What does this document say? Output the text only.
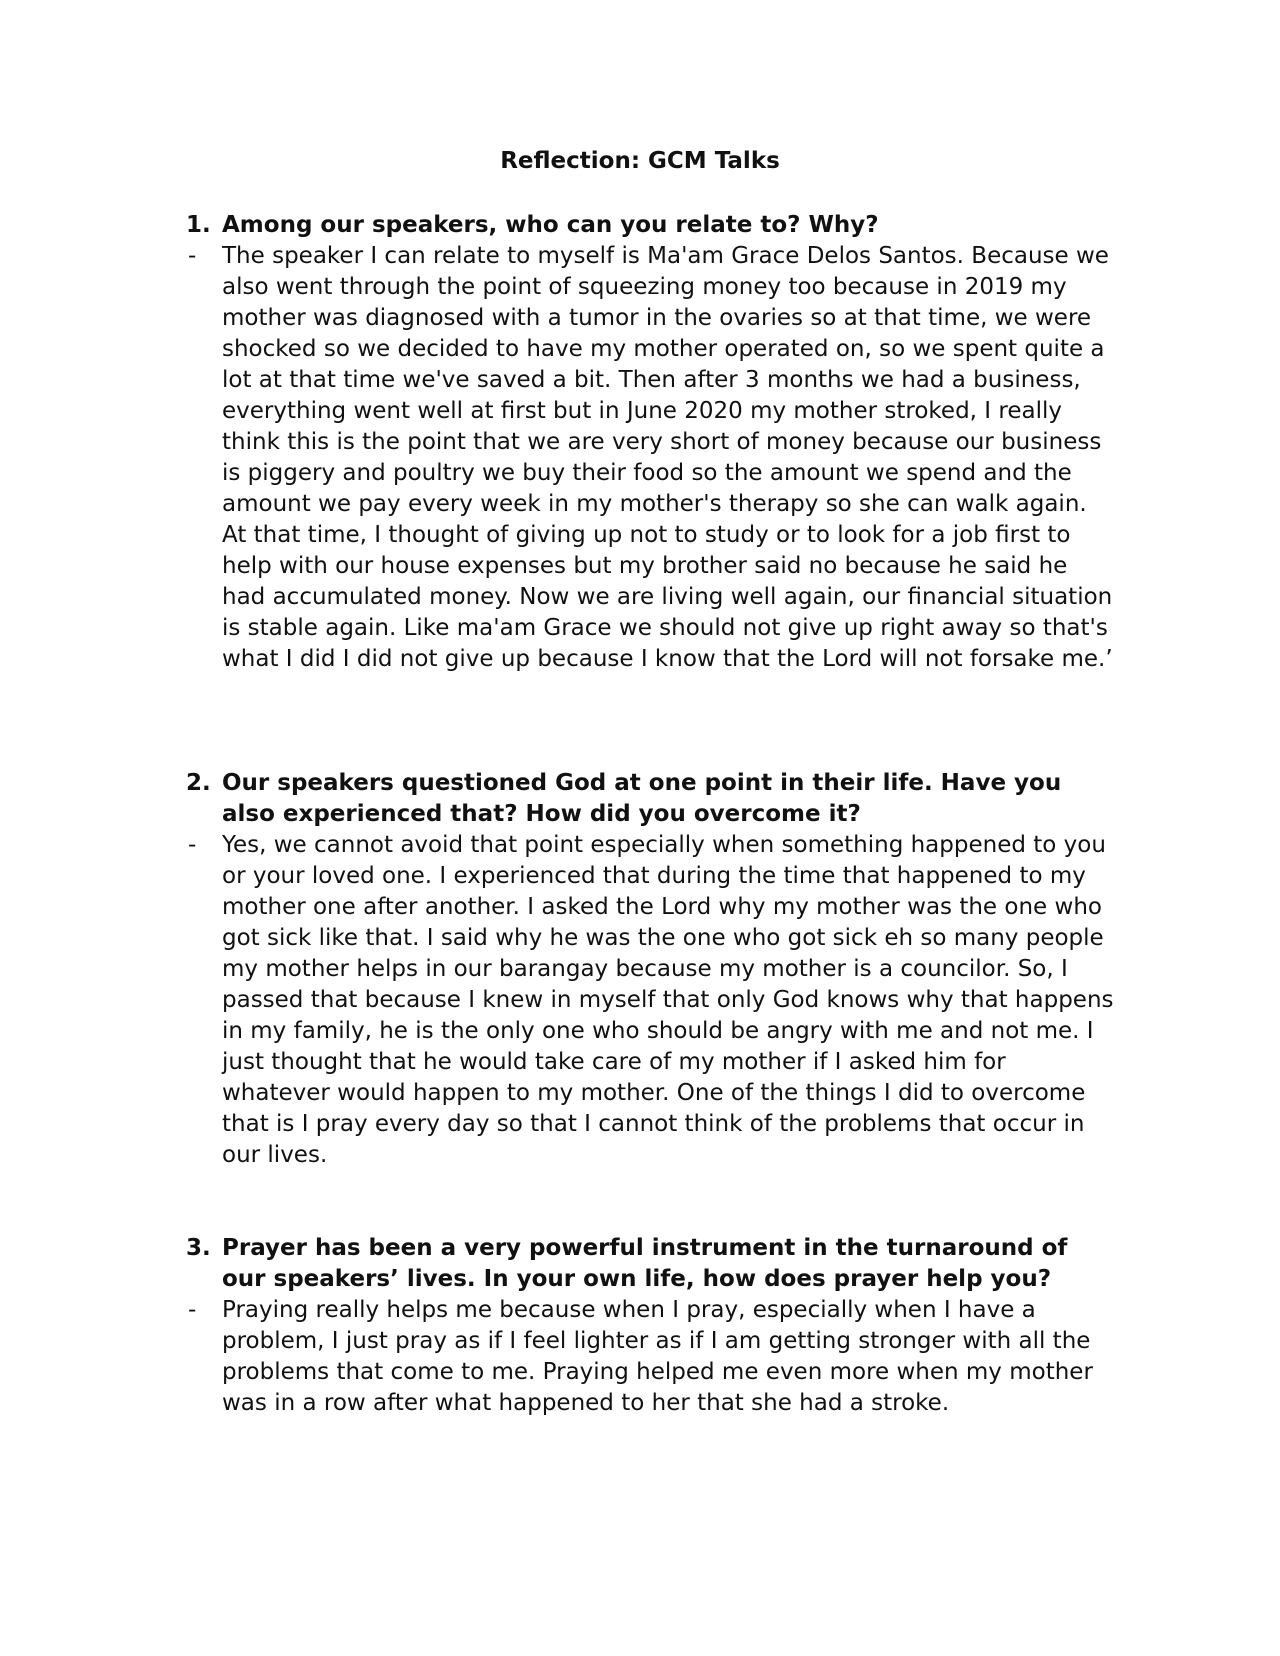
Reflection: GCM Talks

1. Among our speakers, who can you relate to? Why?

- The speaker I can relate to myself is Ma'am Grace Delos Santos. Because we also went through the point of squeezing money too because in 2019 my mother was diagnosed with a tumor in the ovaries so at that time, we were shocked so we decided to have my mother operated on, so we spent quite a lot at that time we've saved a bit. Then after 3 months we had a business, everything went well at first but in June 2020 my mother stroked, I really think this is the point that we are very short of money because our business is piggery and poultry we buy their food so the amount we spend and the amount we pay every week in my mother's therapy so she can walk again. At that time, I thought of giving up not to study or to look for a job first to help with our house expenses but my brother said no because he said he had accumulated money. Now we are living well again, our financial situation is stable again. Like ma'am Grace we should not give up right away so that's what I did I did not give up because I know that the Lord will not forsake me.’

2. Our speakers questioned God at one point in their life. Have you also experienced that? How did you overcome it?

- Yes, we cannot avoid that point especially when something happened to you or your loved one. I experienced that during the time that happened to my mother one after another. I asked the Lord why my mother was the one who got sick like that. I said why he was the one who got sick eh so many people my mother helps in our barangay because my mother is a councilor. So, I passed that because I knew in myself that only God knows why that happens in my family, he is the only one who should be angry with me and not me. I just thought that he would take care of my mother if I asked him for whatever would happen to my mother. One of the things I did to overcome that is I pray every day so that I cannot think of the problems that occur in our lives.

3. Prayer has been a very powerful instrument in the turnaround of our speakers’ lives. In your own life, how does prayer help you?

- Praying really helps me because when I pray, especially when I have a problem, I just pray as if I feel lighter as if I am getting stronger with all the problems that come to me. Praying helped me even more when my mother was in a row after what happened to her that she had a stroke.
